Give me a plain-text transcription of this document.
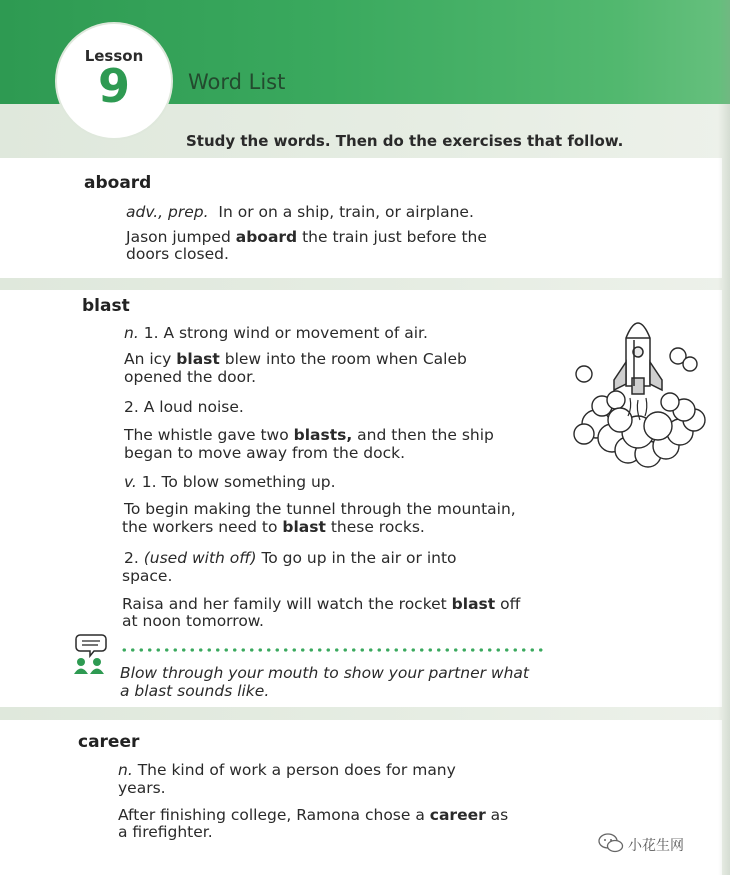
Lesson
9	Word List
Study the words. Then do the exercises that follow.
aboard
adv., prep. In or on a ship, train, or airplane.
Jason jumped aboard the train just before the
doors closed.
blast
n. 1. A strong wind or movement of air.
An icy blast blew into the room when Caleb
opened the door.
2. A loud noise.
The whistle gave two blasts, and then the ship
began to move away from the dock.
v. 1. To blow something up.
To begin making the tunnel through the mountain,
the workers need to blast these rocks.
2. (used with off) To go up in the air or into
space.
Raisa and her family will watch the rocket blast off
at noon tomorrow.
Blow through your mouth to show your partner what
a blast sounds like.
career
n. The kind of work a person does for many
years.
After finishing college, Ramona chose a career as
a firefighter.
小花生网
